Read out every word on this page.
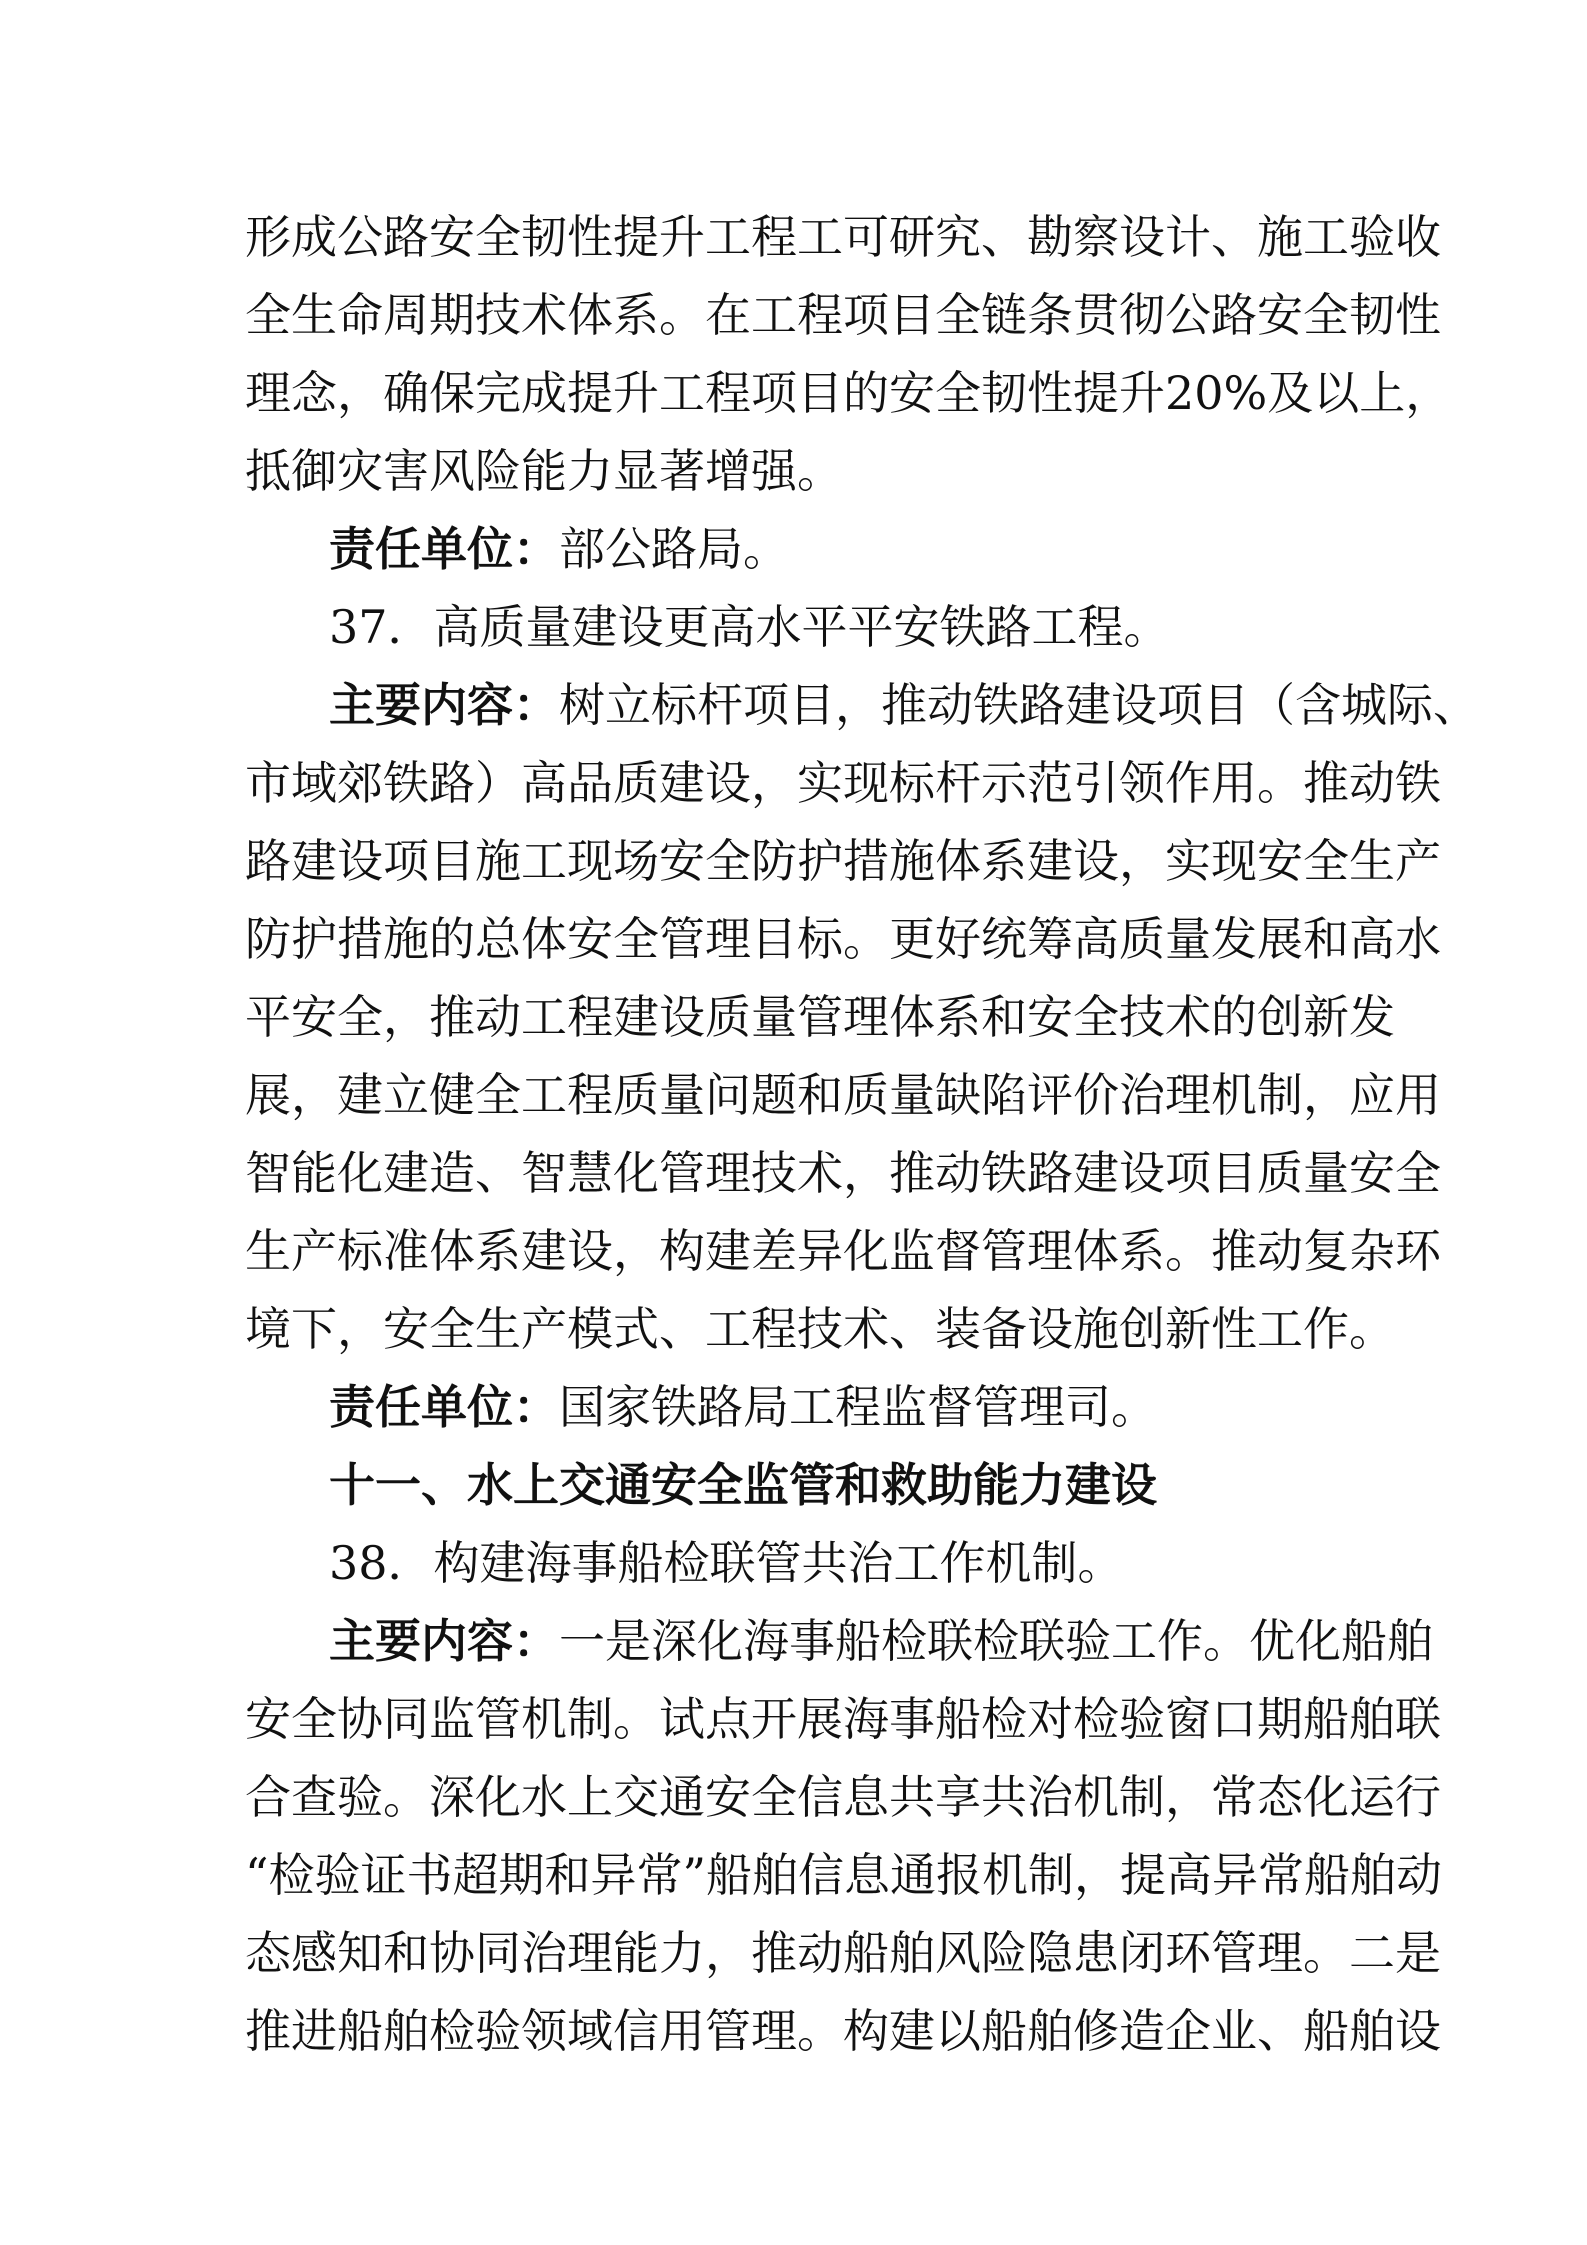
形成公路安全韧性提升工程工可研究、勘察设计、施工验收
全生命周期技术体系。在工程项目全链条贯彻公路安全韧性
理念，确保完成提升工程项目的安全韧性提升20%及以上，
抵御灾害风险能力显著增强。
责任单位：部公路局。
37．高质量建设更高水平平安铁路工程。
主要内容：树立标杆项目，推动铁路建设项目（含城际、
市域郊铁路）高品质建设，实现标杆示范引领作用。推动铁
路建设项目施工现场安全防护措施体系建设，实现安全生产
防护措施的总体安全管理目标。更好统筹高质量发展和高水
平安全，推动工程建设质量管理体系和安全技术的创新发
展，建立健全工程质量问题和质量缺陷评价治理机制，应用
智能化建造、智慧化管理技术，推动铁路建设项目质量安全
生产标准体系建设，构建差异化监督管理体系。推动复杂环
境下，安全生产模式、工程技术、装备设施创新性工作。
责任单位：国家铁路局工程监督管理司。
十一、水上交通安全监管和救助能力建设
38．构建海事船检联管共治工作机制。
主要内容：一是深化海事船检联检联验工作。优化船舶
安全协同监管机制。试点开展海事船检对检验窗口期船舶联
合查验。深化水上交通安全信息共享共治机制，常态化运行
“检验证书超期和异常”船舶信息通报机制，提高异常船舶动
态感知和协同治理能力，推动船舶风险隐患闭环管理。二是
推进船舶检验领域信用管理。构建以船舶修造企业、船舶设
